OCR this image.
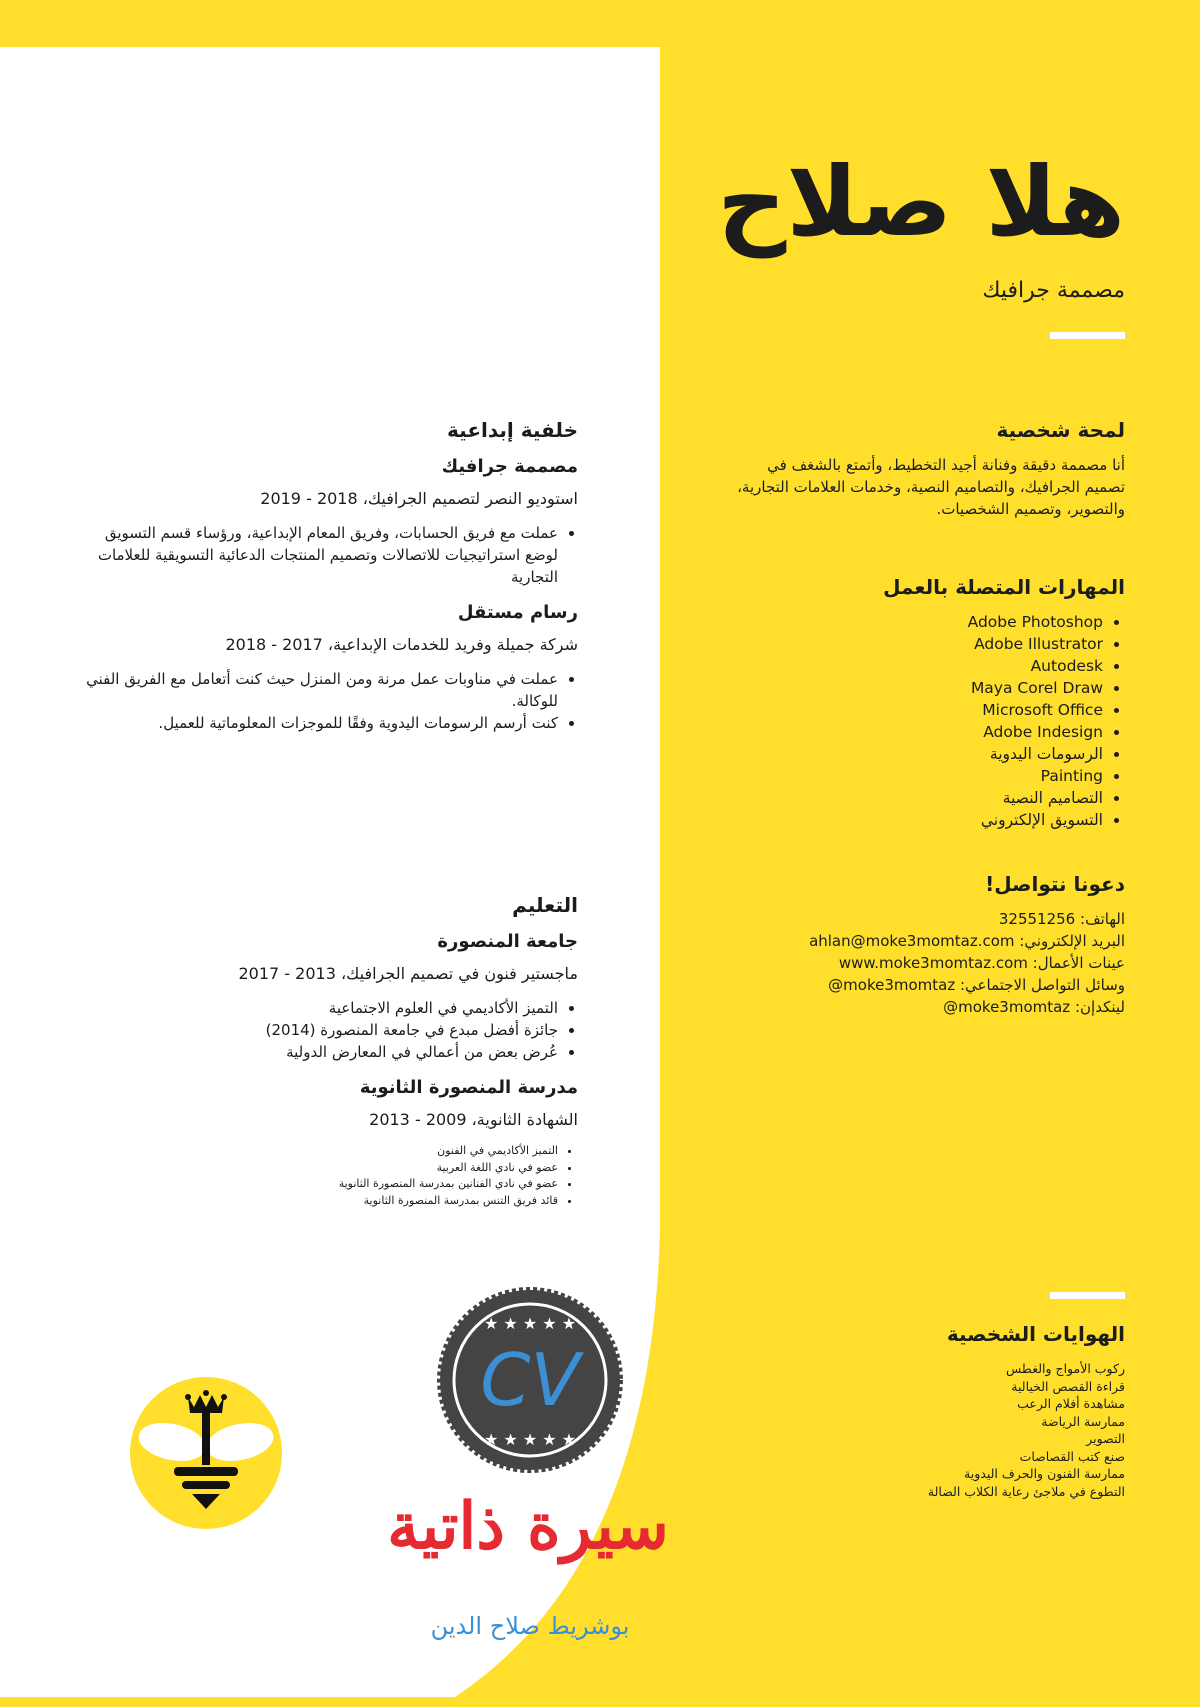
هلا صلاح
مصممة جرافيك
لمحة شخصية

أنا مصممة دقيقة وفنانة أجيد التخطيط، وأتمتع بالشغف في تصميم الجرافيك، والتصاميم النصية، وخدمات العلامات التجارية، والتصوير، وتصميم الشخصيات.

المهارات المتصلة بالعمل
• Adobe Photoshop
• Adobe Illustrator
• Autodesk
• Maya Corel Draw
• Microsoft Office
• Adobe Indesign
• الرسومات اليدوية
• Painting
• التصاميم النصية
• التسويق الإلكتروني
دعونا نتواصل!
الهاتف: 32551256
البريد الإلكتروني: ahlan@moke3momtaz.com
عينات الأعمال: www.moke3momtaz.com
وسائل التواصل الاجتماعي: @moke3momtaz
لينكدإن: @moke3momtaz
الهوايات الشخصية
ركوب الأمواج والغطس
قراءة القصص الخيالية
مشاهدة أفلام الرعب
ممارسة الرياضة
التصوير
صنع كتب القصاصات
ممارسة الفنون والحرف اليدوية
التطوع في ملاجئ رعاية الكلاب الضالة
خلفية إبداعية
مصممة جرافيك

استوديو النصر لتصميم الجرافيك، 2018 - 2019

• عملت مع فريق الحسابات، وفريق المعام الإبداعية، ورؤساء قسم التسويق لوضع استراتيجيات للاتصالات وتصميم المنتجات الدعائية التسويقية للعلامات التجارية
رسام مستقل

شركة جميلة وفريد للخدمات الإبداعية، 2017 - 2018

• عملت في مناوبات عمل مرنة ومن المنزل حيث كنت أتعامل مع الفريق الفني للوكالة.
• كنت أرسم الرسومات اليدوية وفقًا للموجزات المعلوماتية للعميل.
التعليم
جامعة المنصورة

ماجستير فنون في تصميم الجرافيك، 2013 - 2017

• التميز الأكاديمي في العلوم الاجتماعية
• جائزة أفضل مبدع في جامعة المنصورة (2014)
• عُرض بعض من أعمالي في المعارض الدولية
مدرسة المنصورة الثانوية

الشهادة الثانوية، 2009 - 2013

• التميز الأكاديمي في الفنون
• عضو في نادي اللغة العربية
• عضو في نادي الفنانين بمدرسة المنصورة الثانوية
• قائد فريق التنس بمدرسة المنصورة الثانوية
★ ★ ★ ★ ★
★ ★ ★ ★ ★
CV
سيرة ذاتية
بوشريط صلاح الدين
